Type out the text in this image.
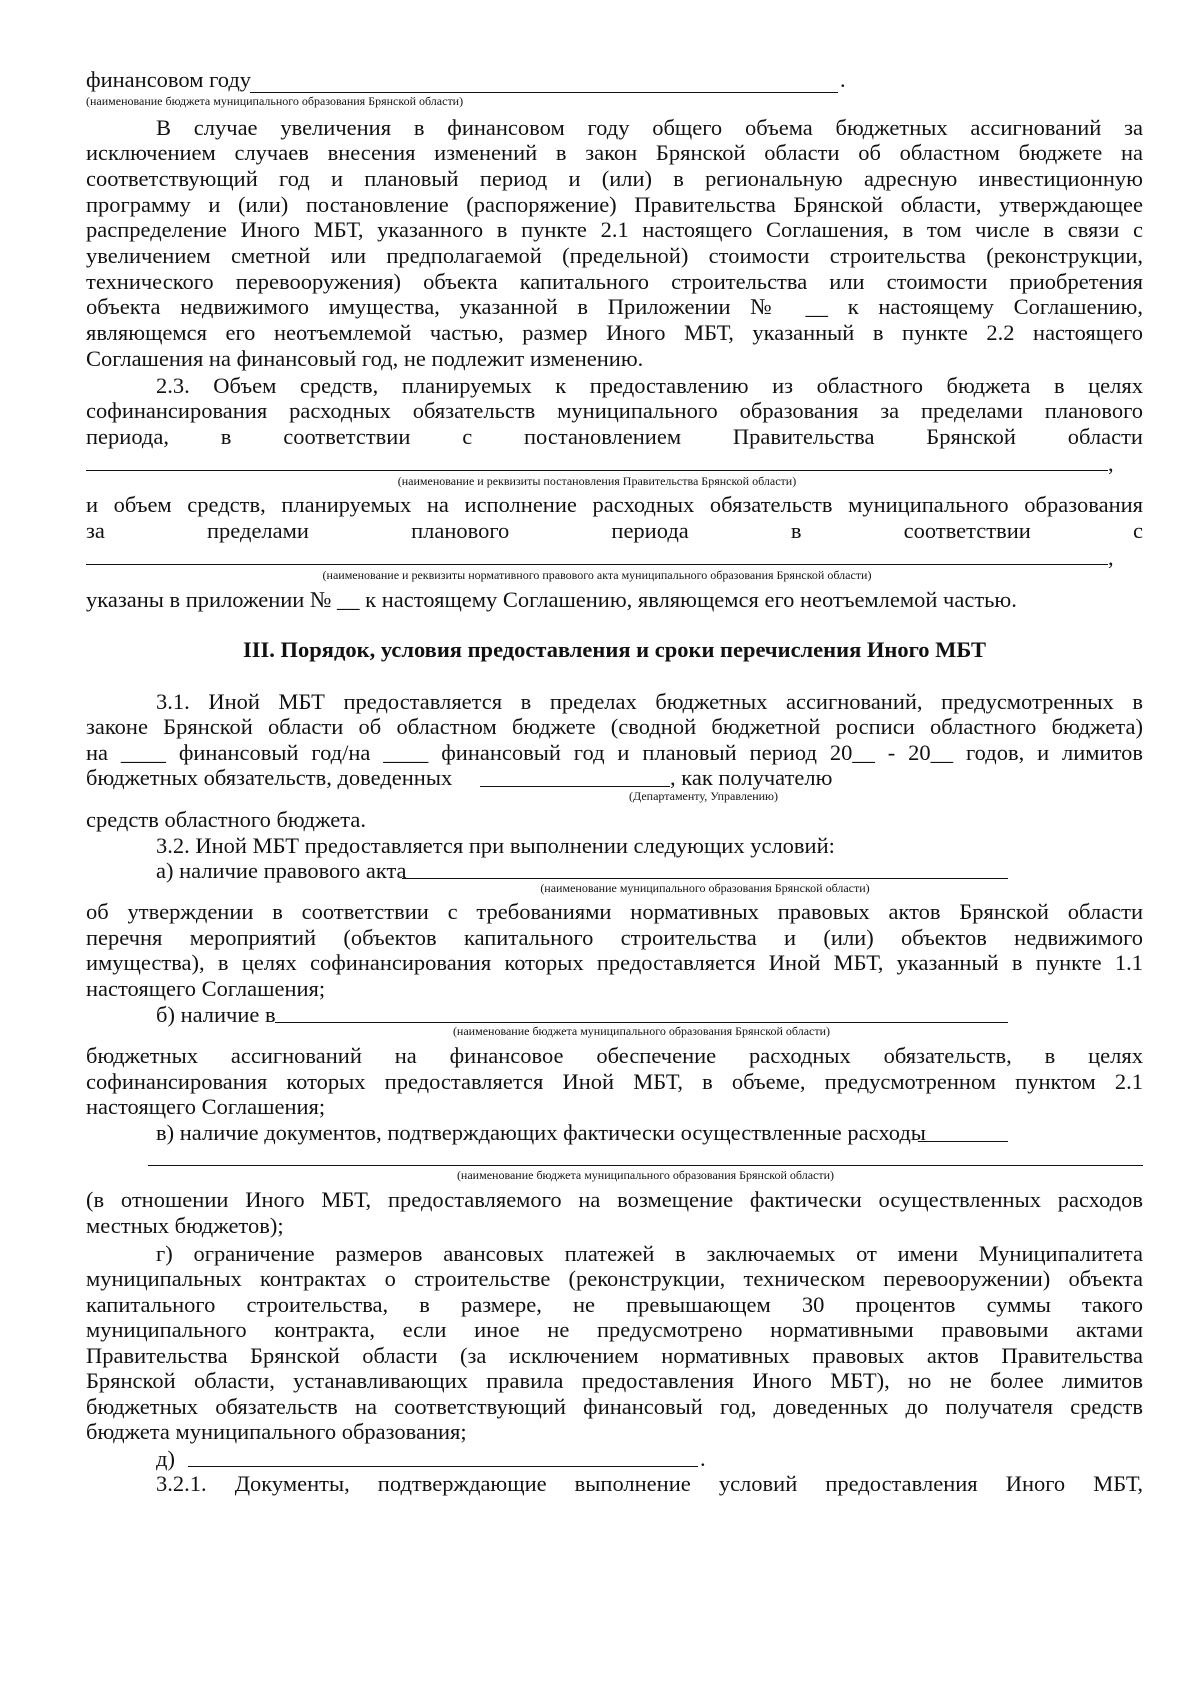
финансовом году	.
(наименование бюджета муниципального образования Брянской области)
В случае увеличения в финансовом году общего объема бюджетных ассигнований за
исключением случаев внесения изменений в закон Брянской области об областном бюджете на
соответствующий год и плановый период и (или) в региональную адресную инвестиционную
программу и (или) постановление (распоряжение) Правительства Брянской области, утверждающее
распределение Иного МБТ, указанного в пункте 2.1 настоящего Соглашения, в том числе в связи с
увеличением сметной или предполагаемой (предельной) стоимости строительства (реконструкции,
технического перевооружения) объекта капитального строительства или стоимости приобретения
объекта недвижимого имущества, указанной в Приложении № __ к настоящему Соглашению,
являющемся его неотъемлемой частью, размер Иного МБТ, указанный в пункте 2.2 настоящего
Соглашения на финансовый год, не подлежит изменению.
2.3. Объем средств, планируемых к предоставлению из областного бюджета в целях
софинансирования расходных обязательств муниципального образования за пределами планового
периода, в соответствии с постановлением Правительства Брянской области
,
(наименование и реквизиты постановления Правительства Брянской области)
и объем средств, планируемых на исполнение расходных обязательств муниципального образования
за	пределами	планового	периода	в	соответствии	с
,
(наименование и реквизиты нормативного правового акта муниципального образования Брянской области)
указаны в приложении № __ к настоящему Соглашению, являющемся его неотъемлемой частью.
III. Порядок, условия предоставления и сроки перечисления Иного МБТ
3.1. Иной МБТ предоставляется в пределах бюджетных ассигнований, предусмотренных в
законе Брянской области об областном бюджете (сводной бюджетной росписи областного бюджета)
на ____ финансовый год/на ____ финансовый год и плановый период 20__ - 20__ годов, и лимитов
бюджетных обязательств, доведенных	, как получателю
(Департаменту, Управлению)
средств областного бюджета.
3.2. Иной МБТ предоставляется при выполнении следующих условий:
а) наличие правового акта
(наименование муниципального образования Брянской области)
об утверждении в соответствии с требованиями нормативных правовых актов Брянской области
перечня мероприятий (объектов капитального строительства и (или) объектов недвижимого
имущества), в целях софинансирования которых предоставляется Иной МБТ, указанный в пункте 1.1
настоящего Соглашения;
б) наличие в
(наименование бюджета муниципального образования Брянской области)
бюджетных ассигнований на финансовое обеспечение расходных обязательств, в целях
софинансирования которых предоставляется Иной МБТ, в объеме, предусмотренном пунктом 2.1
настоящего Соглашения;
в) наличие документов, подтверждающих фактически осуществленные расходы
(наименование бюджета муниципального образования Брянской области)
(в отношении Иного МБТ, предоставляемого на возмещение фактически осуществленных расходов
местных бюджетов);
г) ограничение размеров авансовых платежей в заключаемых от имени Муниципалитета
муниципальных контрактах о строительстве (реконструкции, техническом перевооружении) объекта
капитального строительства, в размере, не превышающем 30 процентов суммы такого
муниципального контракта, если иное не предусмотрено нормативными правовыми актами
Правительства Брянской области (за исключением нормативных правовых актов Правительства
Брянской области, устанавливающих правила предоставления Иного МБТ), но не более лимитов
бюджетных обязательств на соответствующий финансовый год, доведенных до получателя средств
бюджета муниципального образования;
д)	.
3.2.1. Документы, подтверждающие выполнение условий предоставления Иного МБТ,
